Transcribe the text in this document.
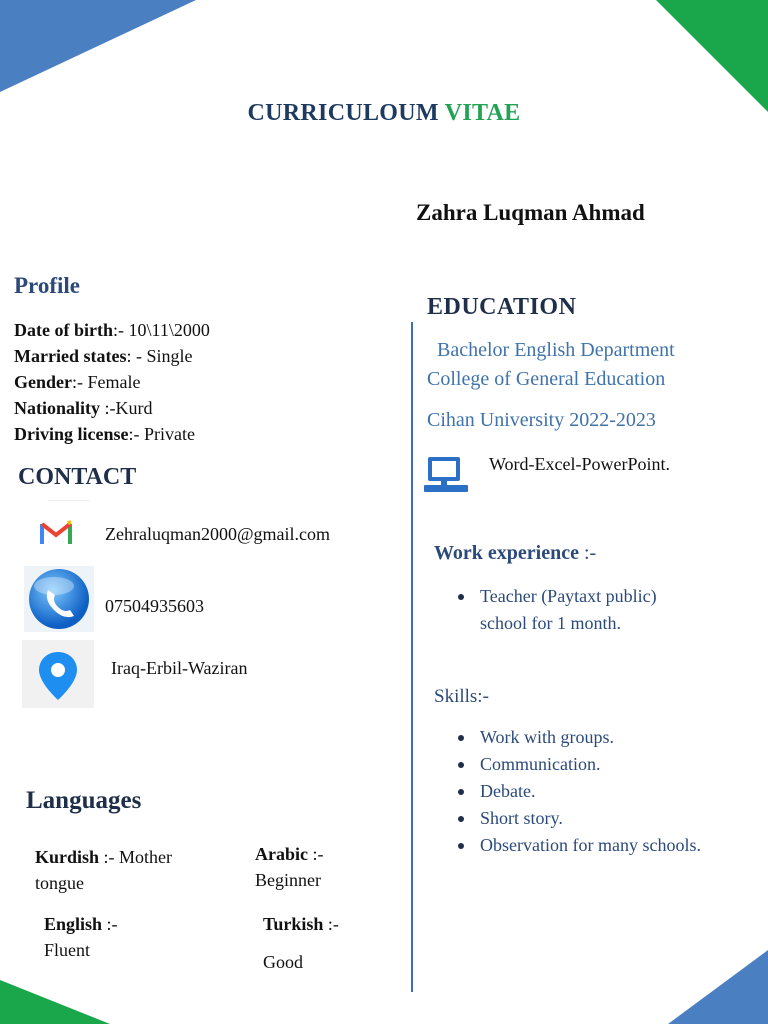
CURRICULOUM VITAE
Zahra Luqman Ahmad
Profile
Date of birth:- 10\11\2000
Married states: - Single
Gender:- Female
Nationality :-Kurd
Driving license:- Private
CONTACT
Zehraluqman2000@gmail.com
07504935603
Iraq-Erbil-Waziran
Languages
Kurdish :- Mother
tongue
Arabic :-
Beginner
English :-
Fluent
Turkish :-
Good
EDUCATION
Bachelor English Department
College of General Education
Cihan University 2022-2023
Word-Excel-PowerPoint.
Work experience :-
Teacher (Paytaxt public) school for 1 month.
Skills:-
Work with groups.
Communication.
Debate.
Short story.
Observation for many schools.
